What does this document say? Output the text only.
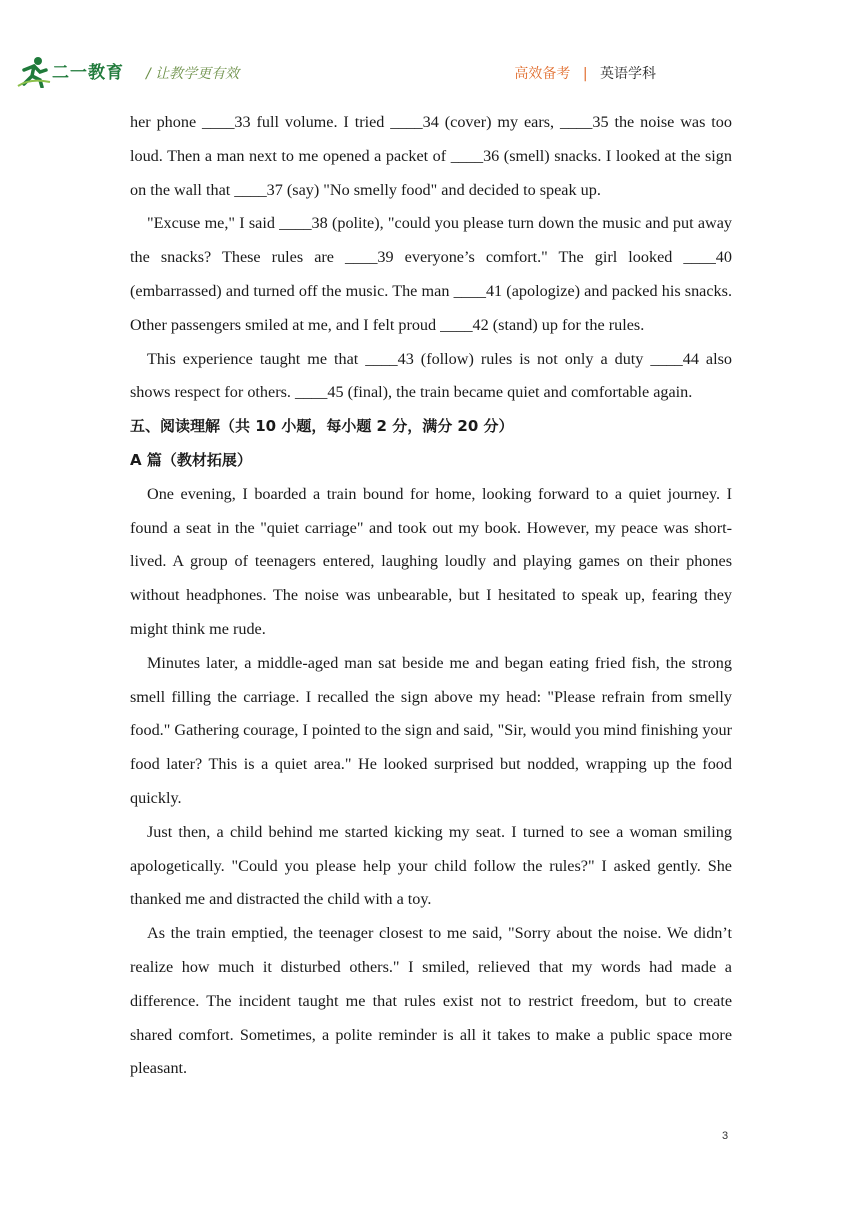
二一教育 / 让教学更有效	高效备考 | 英语学科

her phone ____33 full volume. I tried ____34 (cover) my ears, ____35 the noise was too loud. Then a man next to me opened a packet of ____36 (smell) snacks. I looked at the sign on the wall that ____37 (say) "No smelly food" and decided to speak up.

"Excuse me," I said ____38 (polite), "could you please turn down the music and put away the snacks? These rules are ____39 everyone’s comfort." The girl looked ____40 (embarrassed) and turned off the music. The man ____41 (apologize) and packed his snacks. Other passengers smiled at me, and I felt proud ____42 (stand) up for the rules.

This experience taught me that ____43 (follow) rules is not only a duty ____44 also shows respect for others. ____45 (final), the train became quiet and comfortable again.

五、阅读理解（共 10 小题，每小题 2 分，满分 20 分）

A 篇（教材拓展）

One evening, I boarded a train bound for home, looking forward to a quiet journey. I found a seat in the "quiet carriage" and took out my book. However, my peace was short-lived. A group of teenagers entered, laughing loudly and playing games on their phones without headphones. The noise was unbearable, but I hesitated to speak up, fearing they might think me rude.

Minutes later, a middle-aged man sat beside me and began eating fried fish, the strong smell filling the carriage. I recalled the sign above my head: "Please refrain from smelly food." Gathering courage, I pointed to the sign and said, "Sir, would you mind finishing your food later? This is a quiet area." He looked surprised but nodded, wrapping up the food quickly.

Just then, a child behind me started kicking my seat. I turned to see a woman smiling apologetically. "Could you please help your child follow the rules?" I asked gently. She thanked me and distracted the child with a toy.

As the train emptied, the teenager closest to me said, "Sorry about the noise. We didn’t realize how much it disturbed others." I smiled, relieved that my words had made a difference. The incident taught me that rules exist not to restrict freedom, but to create shared comfort. Sometimes, a polite reminder is all it takes to make a public space more pleasant.

3
